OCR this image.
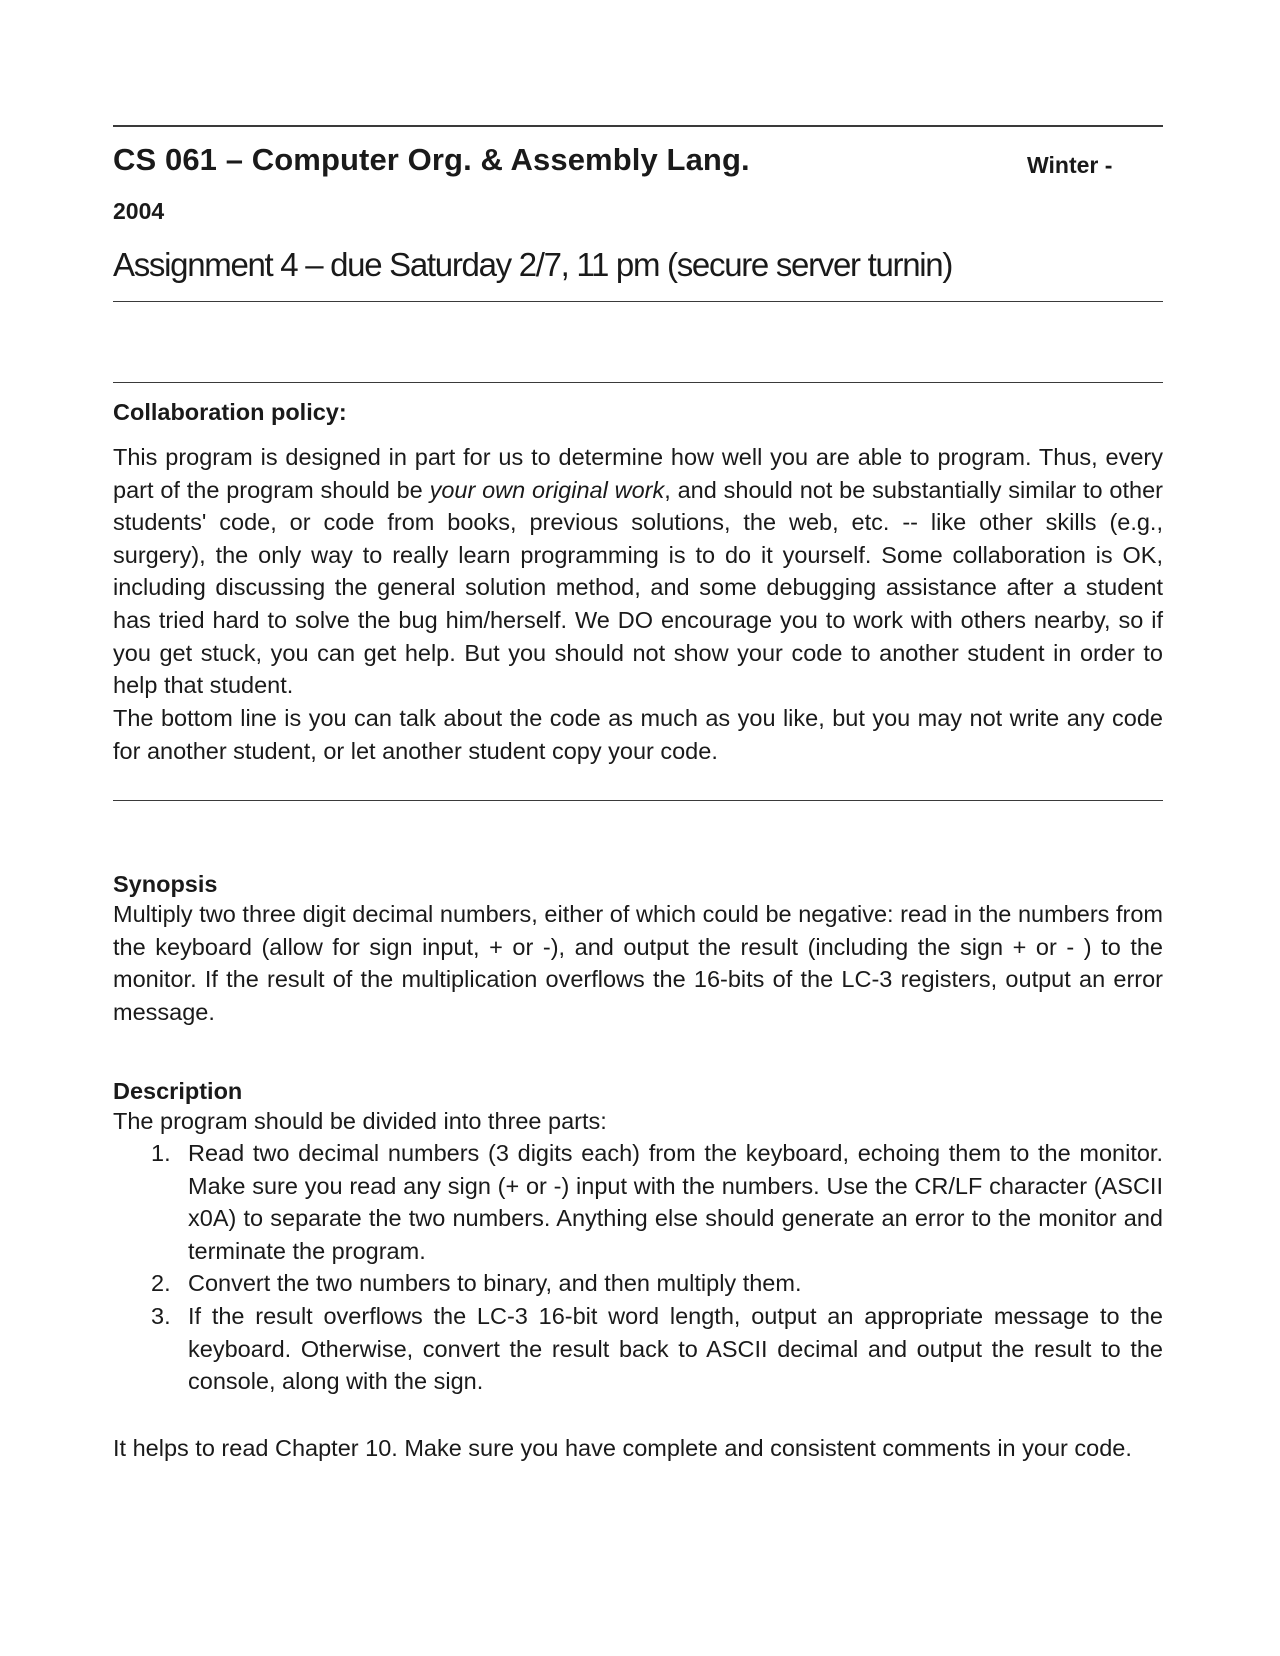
CS 061 – Computer Org. & Assembly Lang.	Winter -
2004
Assignment 4 – due Saturday 2/7, 11 pm (secure server turnin)
Collaboration policy:

This program is designed in part for us to determine how well you are able to program. Thus, every part of the program should be your own original work, and should not be substantially similar to other students' code, or code from books, previous solutions, the web, etc. -- like other skills (e.g., surgery), the only way to really learn programming is to do it yourself. Some collaboration is OK, including discussing the general solution method, and some debugging assistance after a student has tried hard to solve the bug him/herself. We DO encourage you to work with others nearby, so if you get stuck, you can get help. But you should not show your code to another student in order to help that student.

The bottom line is you can talk about the code as much as you like, but you may not write any code for another student, or let another student copy your code.

Synopsis

Multiply two three digit decimal numbers, either of which could be negative: read in the numbers from the keyboard (allow for sign input, + or -), and output the result (including the sign + or - ) to the monitor. If the result of the multiplication overflows the 16-bits of the LC-3 registers, output an error message.

Description

The program should be divided into three parts:

1. Read two decimal numbers (3 digits each) from the keyboard, echoing them to the monitor. Make sure you read any sign (+ or -) input with the numbers. Use the CR/LF character (ASCII x0A) to separate the two numbers. Anything else should generate an error to the monitor and terminate the program.
2. Convert the two numbers to binary, and then multiply them.
3. If the result overflows the LC-3 16-bit word length, output an appropriate message to the keyboard. Otherwise, convert the result back to ASCII decimal and output the result to the console, along with the sign.

It helps to read Chapter 10. Make sure you have complete and consistent comments in your code.
